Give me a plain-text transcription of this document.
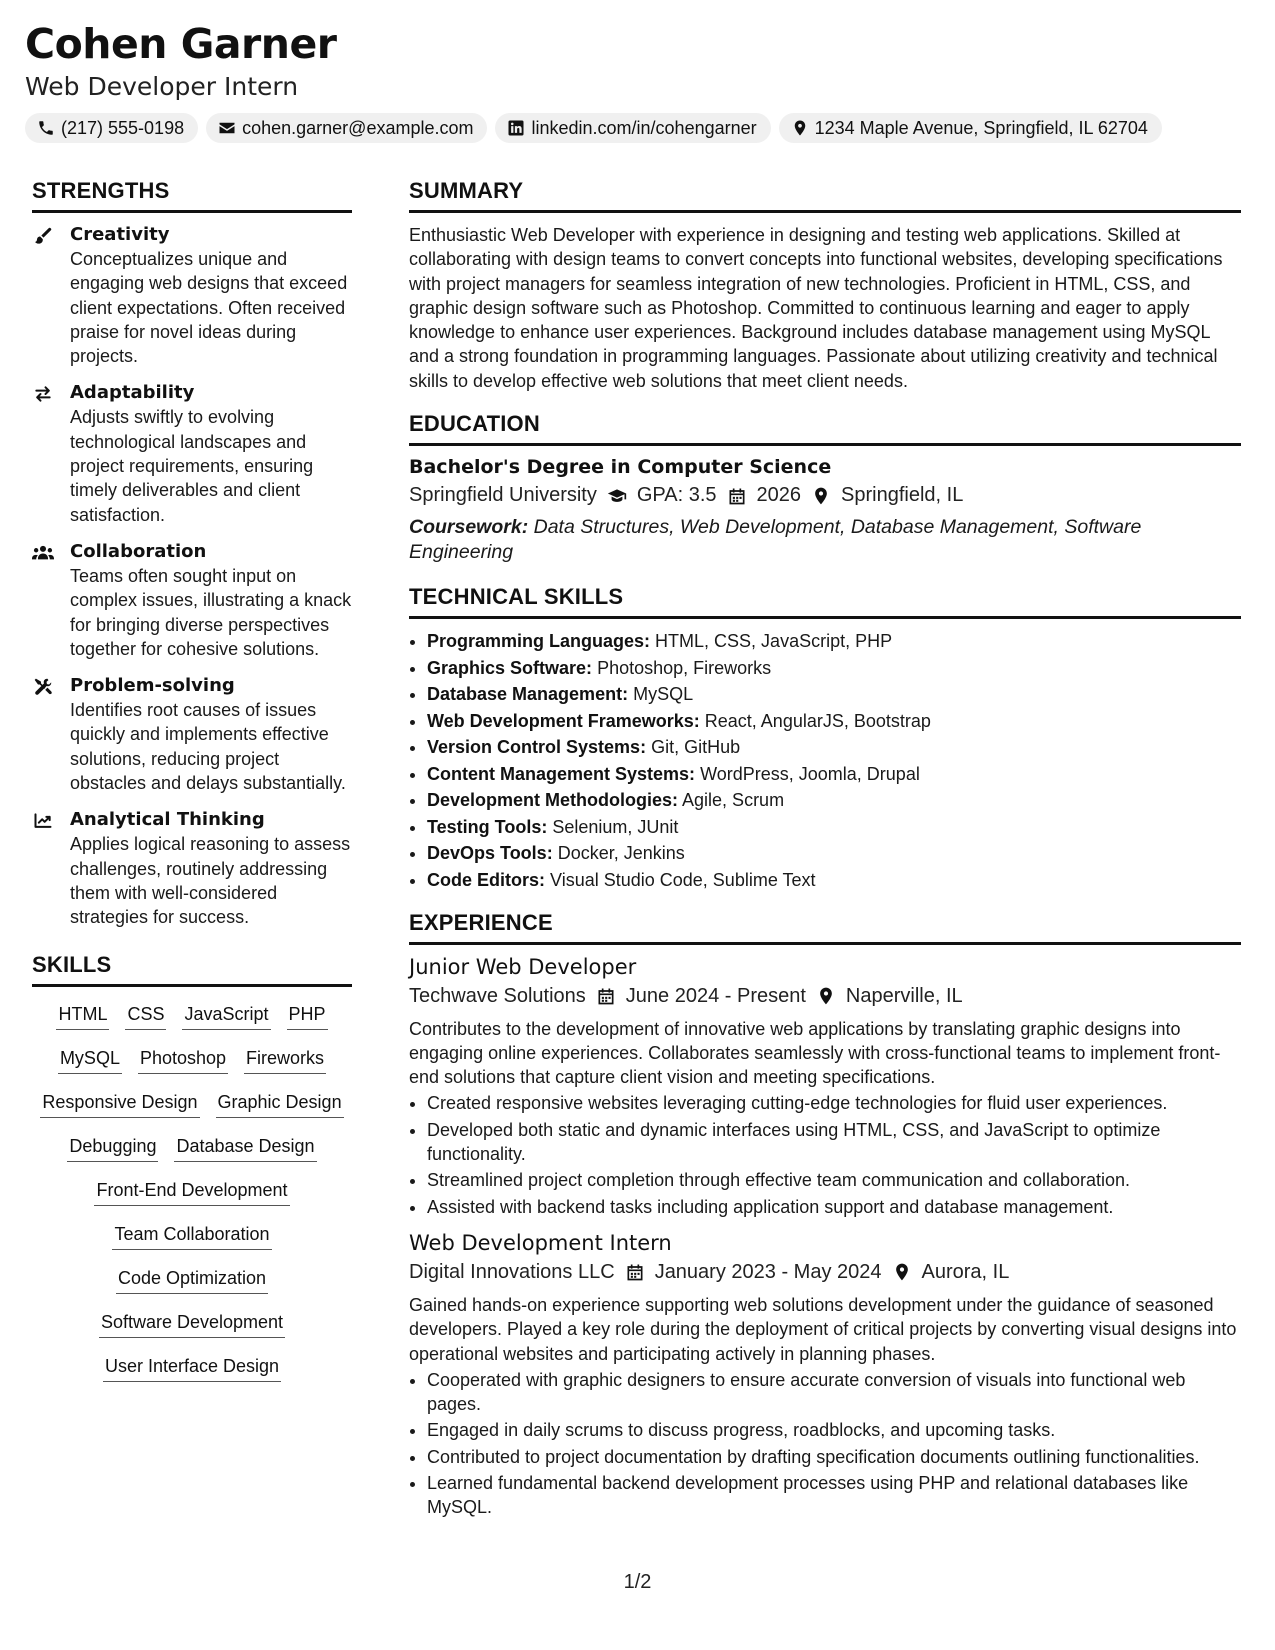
Cohen Garner
Web Developer Intern
(217) 555-0198	cohen.garner@example.com	linkedin.com/in/cohengarner	1234 Maple Avenue, Springfield, IL 62704
STRENGTHS
Creativity
Conceptualizes unique and engaging web designs that exceed client expectations. Often received praise for novel ideas during projects.
Adaptability
Adjusts swiftly to evolving technological landscapes and project requirements, ensuring timely deliverables and client satisfaction.
Collaboration
Teams often sought input on complex issues, illustrating a knack for bringing diverse perspectives together for cohesive solutions.
Problem-solving
Identifies root causes of issues quickly and implements effective solutions, reducing project obstacles and delays substantially.
Analytical Thinking
Applies logical reasoning to assess challenges, routinely addressing them with well-considered strategies for success.
SKILLS
HTML CSS JavaScript PHP
MySQL Photoshop Fireworks
Responsive Design Graphic Design
Debugging Database Design
Front-End Development
Team Collaboration
Code Optimization
Software Development
User Interface Design
SUMMARY

Enthusiastic Web Developer with experience in designing and testing web applications. Skilled at collaborating with design teams to convert concepts into functional websites, developing specifications with project managers for seamless integration of new technologies. Proficient in HTML, CSS, and graphic design software such as Photoshop. Committed to continuous learning and eager to apply knowledge to enhance user experiences. Background includes database management using MySQL and a strong foundation in programming languages. Passionate about utilizing creativity and technical skills to develop effective web solutions that meet client needs.

EDUCATION
Bachelor's Degree in Computer Science
Springfield University GPA: 3.5 2026 Springfield, IL
Coursework: Data Structures, Web Development, Database Management, Software Engineering
TECHNICAL SKILLS
• Programming Languages: HTML, CSS, JavaScript, PHP
• Graphics Software: Photoshop, Fireworks
• Database Management: MySQL
• Web Development Frameworks: React, AngularJS, Bootstrap
• Version Control Systems: Git, GitHub
• Content Management Systems: WordPress, Joomla, Drupal
• Development Methodologies: Agile, Scrum
• Testing Tools: Selenium, JUnit
• DevOps Tools: Docker, Jenkins
• Code Editors: Visual Studio Code, Sublime Text
EXPERIENCE
Junior Web Developer
Techwave Solutions June 2024 - Present Naperville, IL

Contributes to the development of innovative web applications by translating graphic designs into engaging online experiences. Collaborates seamlessly with cross-functional teams to implement front-end solutions that capture client vision and meeting specifications.

• Created responsive websites leveraging cutting-edge technologies for fluid user experiences.
• Developed both static and dynamic interfaces using HTML, CSS, and JavaScript to optimize functionality.
• Streamlined project completion through effective team communication and collaboration.
• Assisted with backend tasks including application support and database management.
Web Development Intern
Digital Innovations LLC January 2023 - May 2024 Aurora, IL

Gained hands-on experience supporting web solutions development under the guidance of seasoned developers. Played a key role during the deployment of critical projects by converting visual designs into operational websites and participating actively in planning phases.

• Cooperated with graphic designers to ensure accurate conversion of visuals into functional web pages.
• Engaged in daily scrums to discuss progress, roadblocks, and upcoming tasks.
• Contributed to project documentation by drafting specification documents outlining functionalities.
• Learned fundamental backend development processes using PHP and relational databases like MySQL.
1/2
